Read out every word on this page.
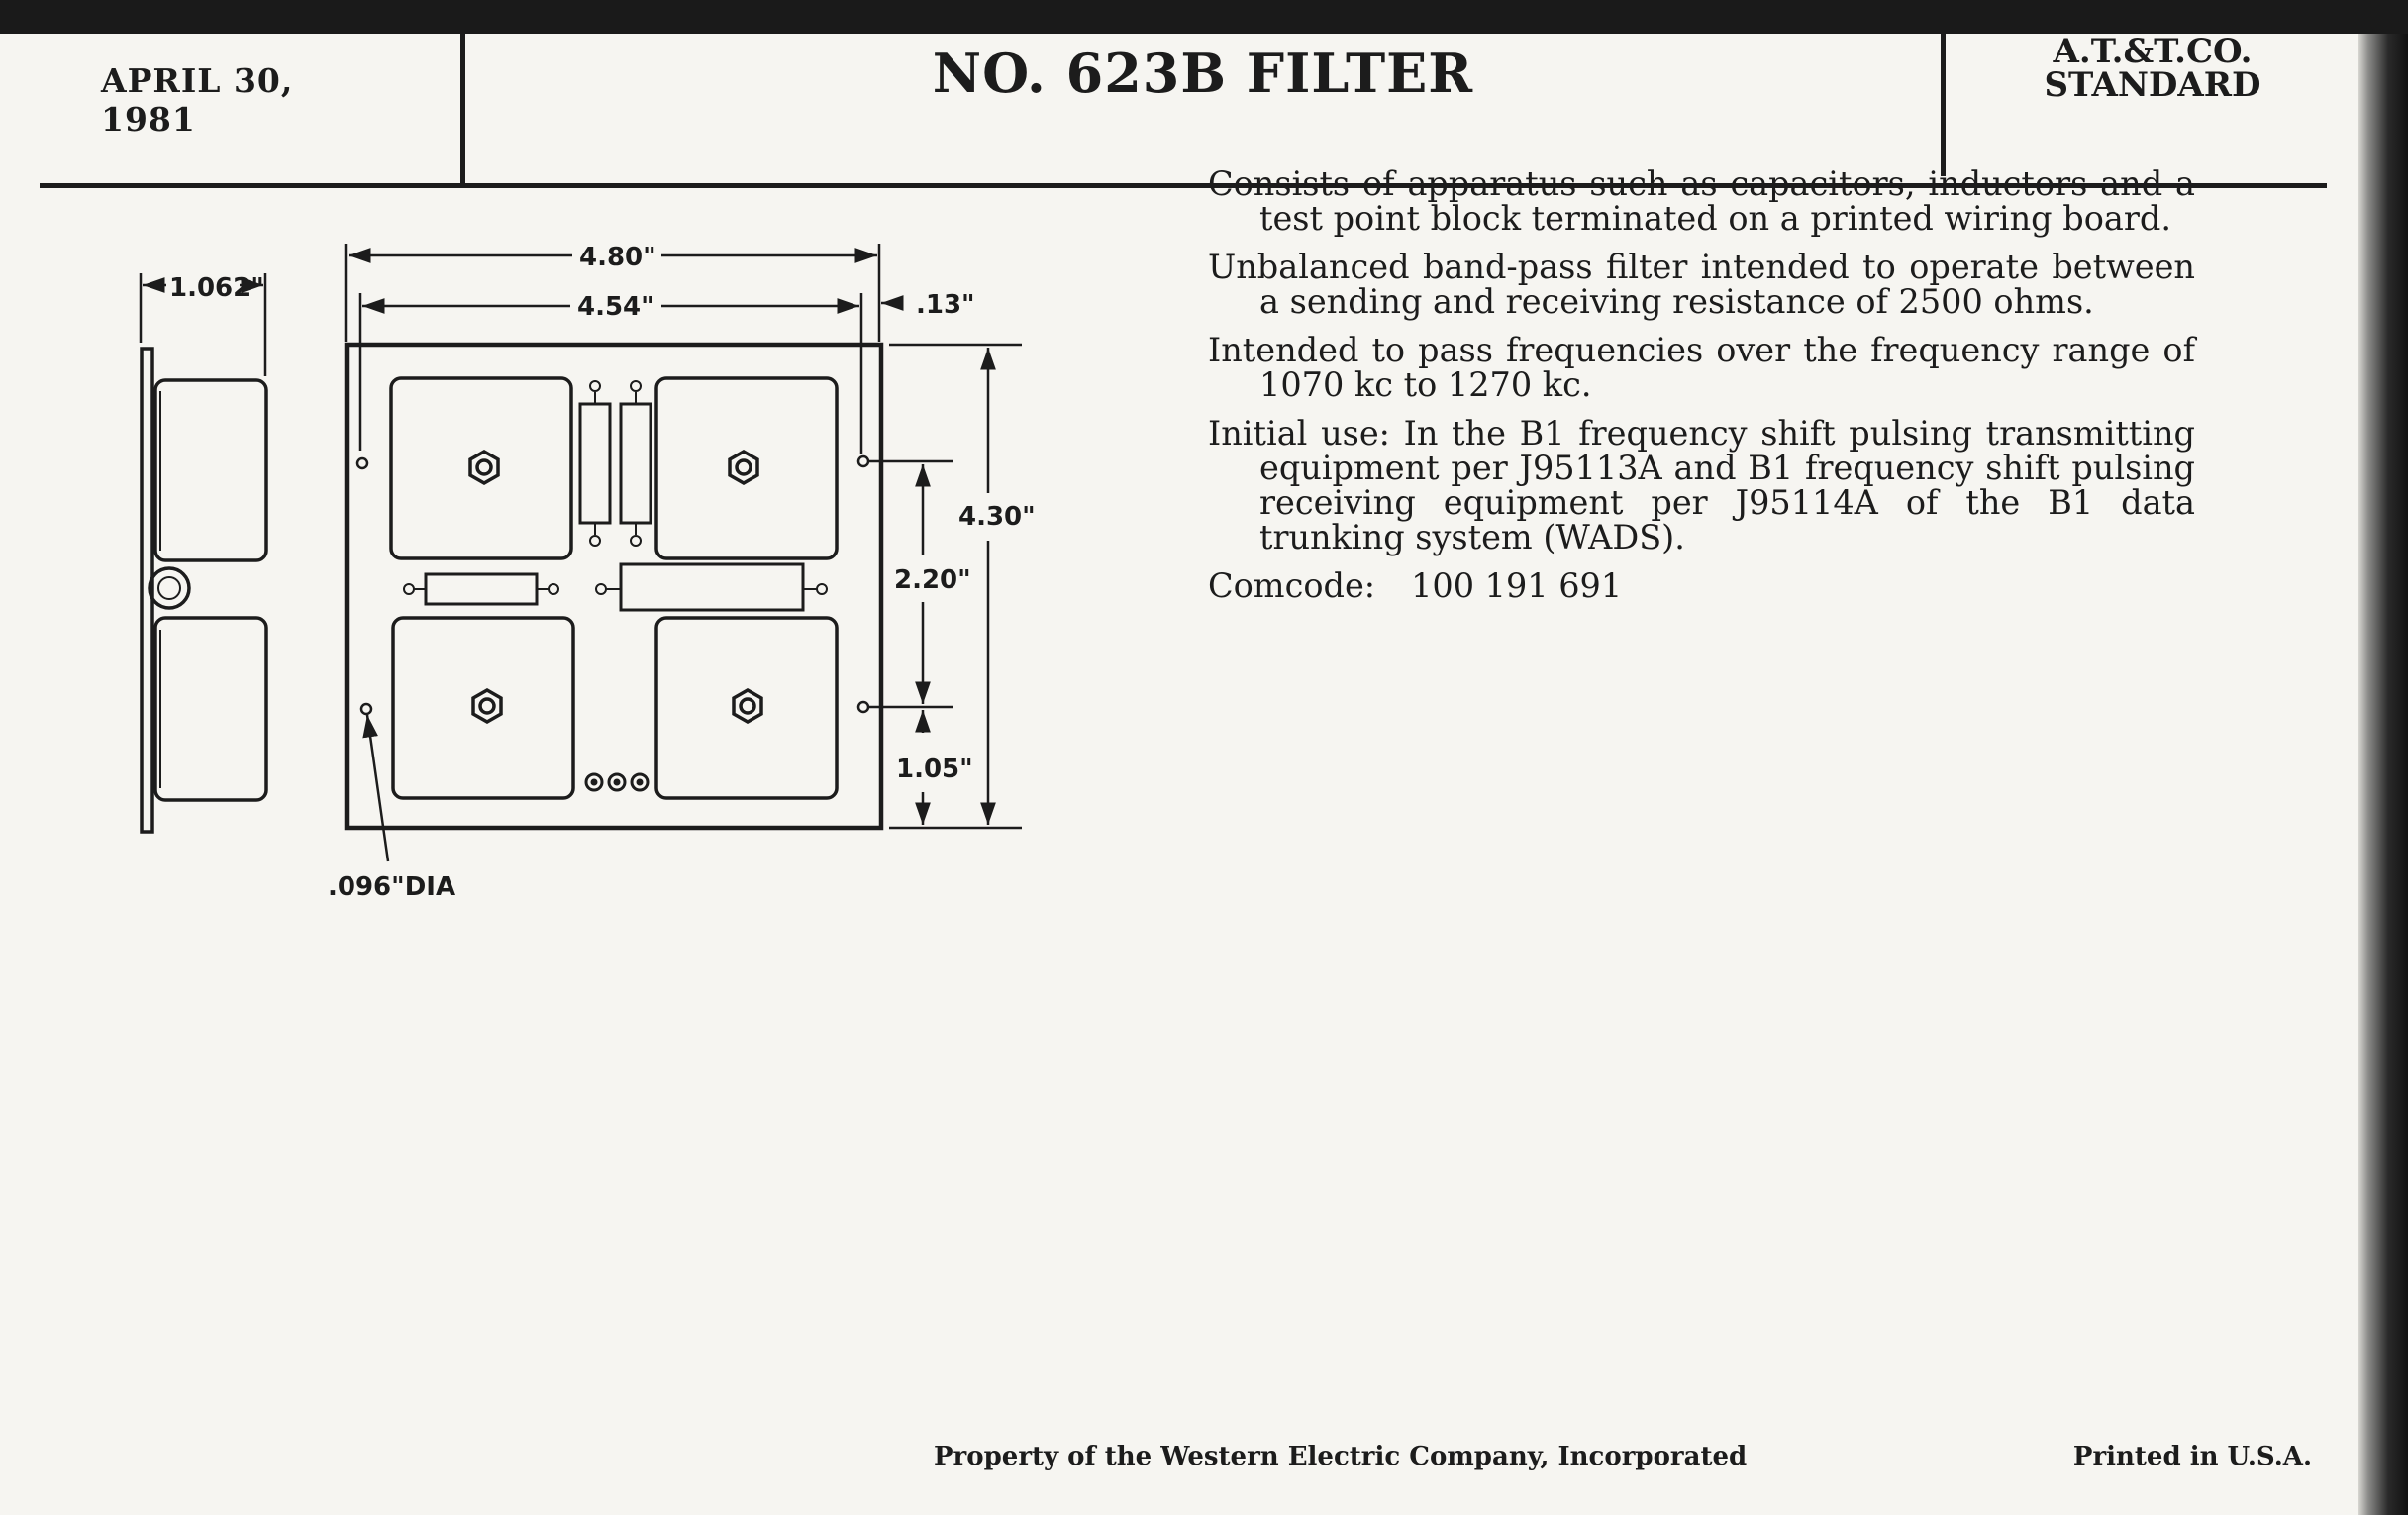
APRIL 30, 1981
NO. 623B FILTER	A.T.&T.CO.
STANDARD

Consists of apparatus such as capacitors, inductors and a test point block terminated on a printed wiring board.

Unbalanced band-pass filter intended to operate between a sending and receiving resistance of 2500 ohms.

Intended to pass frequencies over the frequency range of 1070 kc to 1270 kc.

Initial use: In the B1 frequency shift pulsing transmitting equipment per J95113A and B1 frequency shift pulsing receiving equipment per J95114A of the B1 data trunking system (WADS).

Comcode: 100 191 691

1.062"
4.80"
4.54"	.13"
4.30"
2.20"
1.05"
.096"DIA
Property of the Western Electric Company, Incorporated	Printed in U.S.A.
